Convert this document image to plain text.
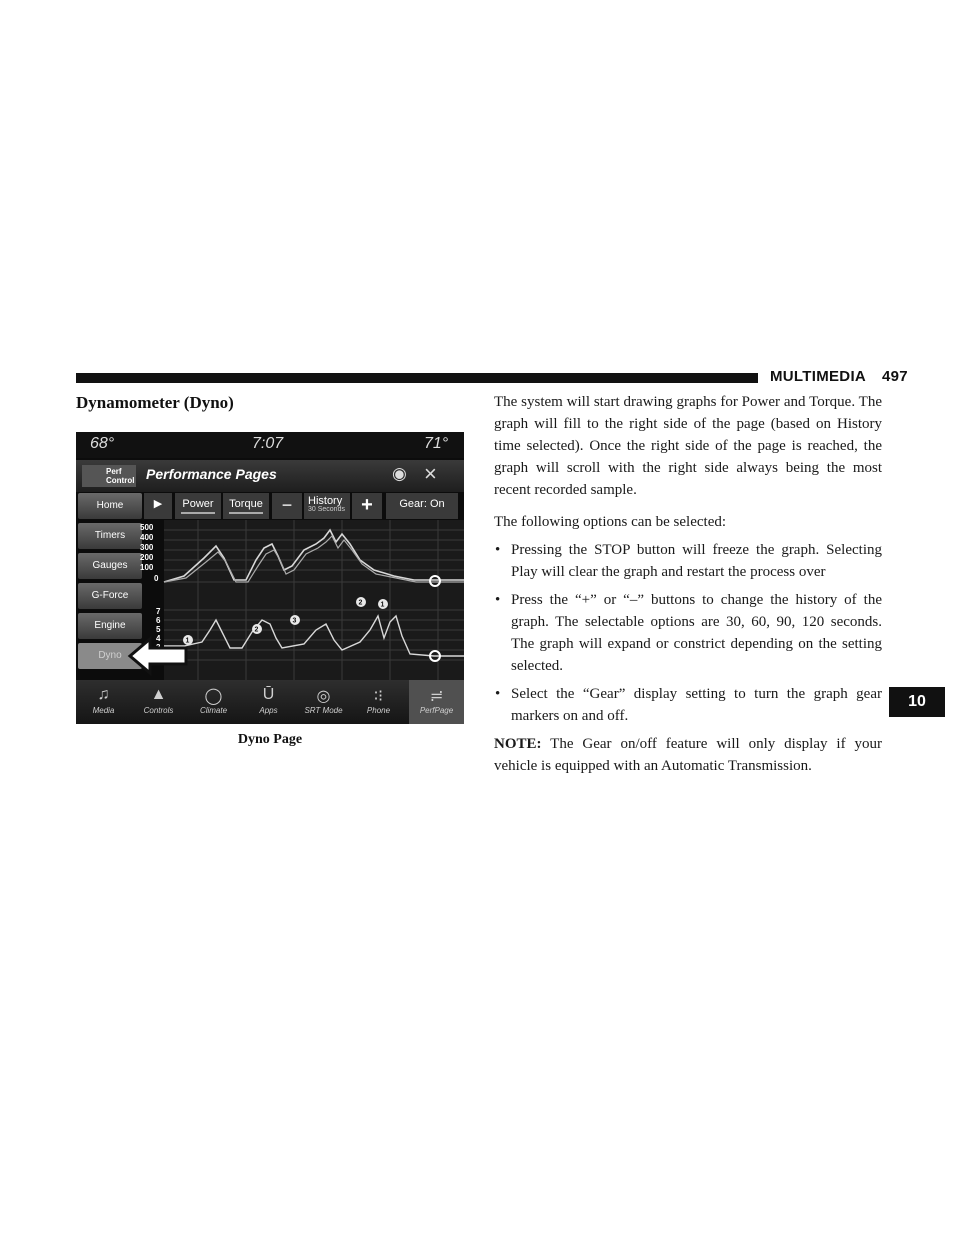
MULTIMEDIA 497
Dynamometer (Dyno)
68°	7:07	71°
Perf Control Performance Pages	◉ ×
Home
Timers
Gauges
G-Force
Engine
Dyno
▶	Power	Torque	−	History
30 Seconds +	Gear: On
500
400
300
200
100
0
7
6
5
4	1
2
3
2	1
♫
Media
▲
Controls
◯
Climate
Ū
Apps
◎
SRT Mode
∶⁝
Phone
≓
PerfPage
Dyno Page

The system will start drawing graphs for Power and Torque. The graph will fill to the right side of the page (based on History time selected). Once the right side of the page is reached, the graph will scroll with the right side always being the most recent recorded sample.

The following options can be selected:

• Pressing the STOP button will freeze the graph. Selecting Play will clear the graph and restart the process over
• Press the “+” or “–” buttons to change the history of the graph. The selectable options are 30, 60, 90, 120 seconds. The graph will expand or constrict depending on the setting selected.
• Select the “Gear” display setting to turn the graph gear markers on and off.

NOTE: The Gear on/off feature will only display if your vehicle is equipped with an Automatic Transmission.

10
